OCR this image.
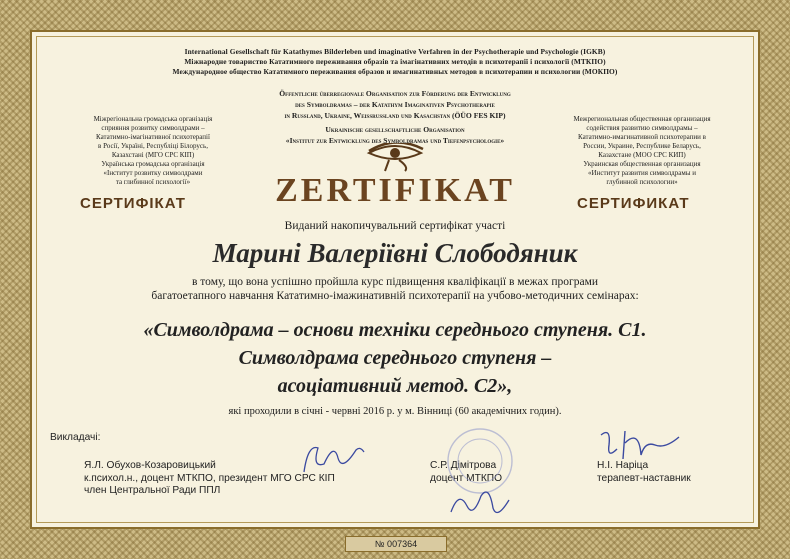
International Gesellschaft für Katathymes Bilderleben und imaginative Verfahren in der Psychotherapie und Psychologie (IGKB)
Міжнародне товариство Кататимного переживання образів та імагінативних методів в психотерапії і психології (МТКПО)
Международное общество Кататимного переживания образов и имагинативных методов в психотерапии и психологии (МОКПО)
Öffentliche überregionale Organisation zur Förderung der Entwicklung
des Symboldramas – der Katathym Imaginativen Psychotherapie
in Russland, Ukraine, Weißrussland und Kasachstan (ÖÜO FES KIP)
Ukrainische gesellschaftliche Organisation
«Institut zur Entwicklung des Symboldramas und Tiefenpsychologie»
Міжрегіональна громадська організація
сприяння розвитку символдрами –
Кататимно-імагінативної психотерапії
в Росії, Україні, Республіці Білорусь,
Казахстані (МГО СРС КІП)
Українська громадська організація
«Інститут розвитку символдрами
та глибинної психології»
СЕРТИФІКАТ
Межрегиональная общественная организация
содействия развитию символдрамы –
Кататимно-имагинативной психотерапии в
России, Украине, Республике Беларусь,
Казахстане (МОО СРС КИП)
Украинская общественная организация
«Институт развития символдрамы и
глубинной психологии»
СЕРТИФИКАТ
ZERTIFIKAT
Виданий накопичувальний сертифікат участі
Марині Валеріївні Слободяник
в тому, що вона успішно пройшла курс підвищення кваліфікації в межах програми
багатоетапного навчання Кататимно-імажинативній психотерапії на учбово-методичних семінарах:
«Символдрама – основи техніки середнього ступеня. С1.
Символдрама середнього ступеня –
асоціативний метод. С2»,
які проходили в січні - червні 2016 р. у м. Вінниці (60 академічних годин).
Викладачі:
Я.Л. Обухов-Козаровицький
к.психол.н., доцент МТКПО, президент МГО СРС КІП
член Центральної Ради ППЛ
С.Р. Дімітрова
доцент МТКПО
Н.І. Наріца
терапевт-наставник
№ 007364
